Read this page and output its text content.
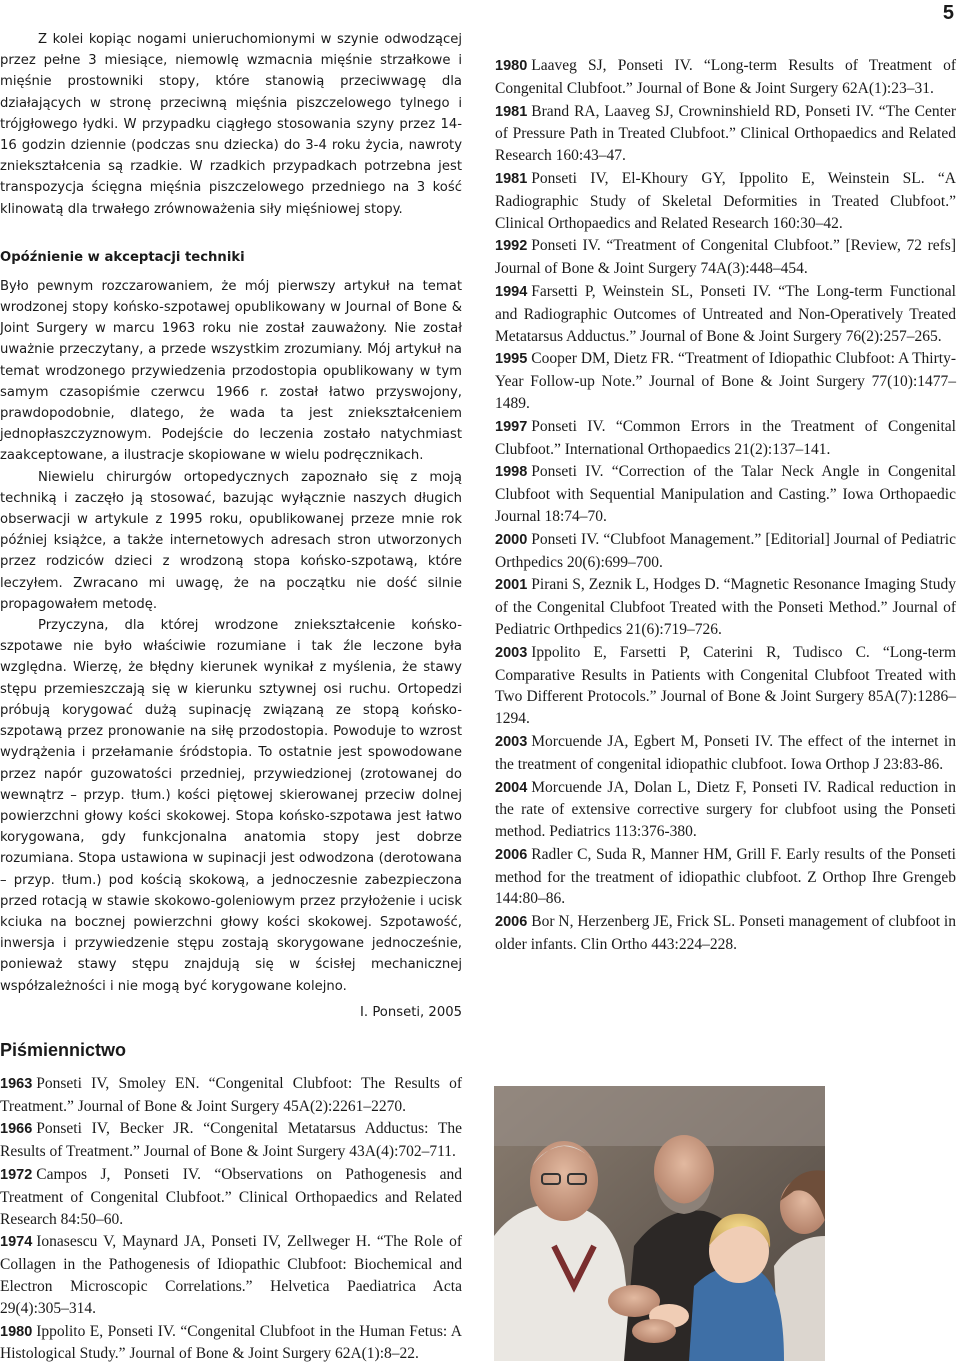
5

Z kolei kopiąc nogami unieruchomionymi w szynie odwodzącej przez pełne 3 miesiące, niemowlę wzmacnia mięśnie strzałkowe i mięśnie prostowniki stopy, które stanowią przeciwwagę dla działających w stronę przeciwną mięśnia piszczelowego tylnego i trójgłowego łydki. W przypadku ciągłego stosowania szyny przez 14-16 godzin dziennie (podczas snu dziecka) do 3-4 roku życia, nawroty zniekształcenia są rzadkie. W rzadkich przypadkach potrzebna jest transpozycja ścięgna mięśnia piszczelowego przedniego na 3 kość klinowatą dla trwałego zrównoważenia siły mięśniowej stopy.

Opóźnienie w akceptacji techniki

Było pewnym rozczarowaniem, że mój pierwszy artykuł na temat wrodzonej stopy końsko-szpotawej opublikowany w Journal of Bone & Joint Surgery w marcu 1963 roku nie został zauważony. Nie został uważnie przeczytany, a przede wszystkim zrozumiany. Mój artykuł na temat wrodzonego przywiedzenia przodostopia opublikowany w tym samym czasopiśmie czerwcu 1966 r. został łatwo przyswojony, prawdopodobnie, dlatego, że wada ta jest zniekształceniem jednopłaszczyznowym. Podejście do leczenia zostało natychmiast zaakceptowane, a ilustracje skopiowane w wielu podręcznikach.

Niewielu chirurgów ortopedycznych zapoznało się z moją techniką i zaczęło ją stosować, bazując wyłącznie naszych długich obserwacji w artykule z 1995 roku, opublikowanej przeze mnie rok później książce, a także internetowych adresach stron utworzonych przez rodziców dzieci z wrodzoną stopa końsko-szpotawą, które leczyłem. Zwracano mi uwagę, że na początku nie dość silnie propagowałem metodę.

Przyczyna, dla której wrodzone zniekształcenie końsko-szpotawe nie było właściwie rozumiane i tak źle leczone była względna. Wierzę, że błędny kierunek wynikał z myślenia, że stawy stępu przemieszczają się w kierunku sztywnej osi ruchu. Ortopedzi próbują korygować dużą supinację związaną ze stopą końsko-szpotawą przez pronowanie na siłę przodostopia. Powoduje to wzrost wydrążenia i przełamanie śródstopia. To ostatnie jest spowodowane przez napór guzowatości przedniej, przywiedzionej (zrotowanej do wewnątrz – przyp. tłum.) kości piętowej skierowanej przeciw dolnej powierzchni głowy kości skokowej. Stopa końsko-szpotawa jest łatwo korygowana, gdy funkcjonalna anatomia stopy jest dobrze rozumiana. Stopa ustawiona w supinacji jest odwodzona (derotowana – przyp. tłum.) pod kością skokową, a jednoczesnie zabezpieczona przed rotacją w stawie skokowo-goleniowym przez przyłożenie i ucisk kciuka na bocznej powierzchni głowy kości skokowej. Szpotawość, inwersja i przywiedzenie stępu zostają skorygowane jednocześnie, ponieważ stawy stępu znajdują się w ścisłej mechanicznej współzależności i nie mogą być korygowane kolejno.

I. Ponseti, 2005
Piśmiennictwo

1963 Ponseti IV, Smoley EN. “Congenital Clubfoot: The Results of Treatment.” Journal of Bone & Joint Surgery 45A(2):2261–2270.

1966 Ponseti IV, Becker JR. “Congenital Metatarsus Adductus: The Results of Treatment.” Journal of Bone & Joint Surgery 43A(4):702–711.

1972 Campos J, Ponseti IV. “Observations on Pathogenesis and Treatment of Congenital Clubfoot.” Clinical Orthopaedics and Related Research 84:50–60.

1974 Ionasescu V, Maynard JA, Ponseti IV, Zellweger H. “The Role of Collagen in the Pathogenesis of Idiopathic Clubfoot: Biochemical and Electron Microscopic Correlations.” Helvetica Paediatrica Acta 29(4):305–314.

1980 Ippolito E, Ponseti IV. “Congenital Clubfoot in the Human Fetus: A Histological Study.” Journal of Bone & Joint Surgery 62A(1):8–22.

1980 Laaveg SJ, Ponseti IV. “Long-term Results of Treatment of Congenital Clubfoot.” Journal of Bone & Joint Surgery 62A(1):23–31.

1981 Brand RA, Laaveg SJ, Crowninshield RD, Ponseti IV. “The Center of Pressure Path in Treated Clubfoot.” Clinical Orthopaedics and Related Research 160:43–47.

1981 Ponseti IV, El-Khoury GY, Ippolito E, Weinstein SL. “A Radiographic Study of Skeletal Deformities in Treated Clubfoot.” Clinical Orthopaedics and Related Research 160:30–42.

1992 Ponseti IV. “Treatment of Congenital Clubfoot.” [Review, 72 refs] Journal of Bone & Joint Surgery 74A(3):448–454.

1994 Farsetti P, Weinstein SL, Ponseti IV. “The Long-term Functional and Radiographic Outcomes of Untreated and Non-Operatively Treated Metatarsus Adductus.” Journal of Bone & Joint Surgery 76(2):257–265.

1995 Cooper DM, Dietz FR. “Treatment of Idiopathic Clubfoot: A Thirty-Year Follow-up Note.” Journal of Bone & Joint Surgery 77(10):1477–1489.

1997 Ponseti IV. “Common Errors in the Treatment of Congenital Clubfoot.” International Orthopaedics 21(2):137–141.

1998 Ponseti IV. “Correction of the Talar Neck Angle in Congenital Clubfoot with Sequential Manipulation and Casting.” Iowa Orthopaedic Journal 18:74–70.

2000 Ponseti IV. “Clubfoot Management.” [Editorial] Journal of Pediatric Orthpedics 20(6):699–700.

2001 Pirani S, Zeznik L, Hodges D. “Magnetic Resonance Imaging Study of the Congenital Clubfoot Treated with the Ponseti Method.” Journal of Pediatric Orthpedics 21(6):719–726.

2003 Ippolito E, Farsetti P, Caterini R, Tudisco C. “Long-term Comparative Results in Patients with Congenital Clubfoot Treated with Two Different Protocols.” Journal of Bone & Joint Surgery 85A(7):1286–1294.

2003 Morcuende JA, Egbert M, Ponseti IV. The effect of the internet in the treatment of congenital idiopathic clubfoot. Iowa Orthop J 23:83-86.

2004 Morcuende JA, Dolan L, Dietz F, Ponseti IV. Radical reduction in the rate of extensive corrective surgery for clubfoot using the Ponseti method. Pediatrics 113:376-380.

2006 Radler C, Suda R, Manner HM, Grill F. Early results of the Ponseti method for the treatment of idiopathic clubfoot. Z Orthop Ihre Grengeb 144:80–86.

2006 Bor N, Herzenberg JE, Frick SL. Ponseti management of clubfoot in older infants. Clin Ortho 443:224–228.
